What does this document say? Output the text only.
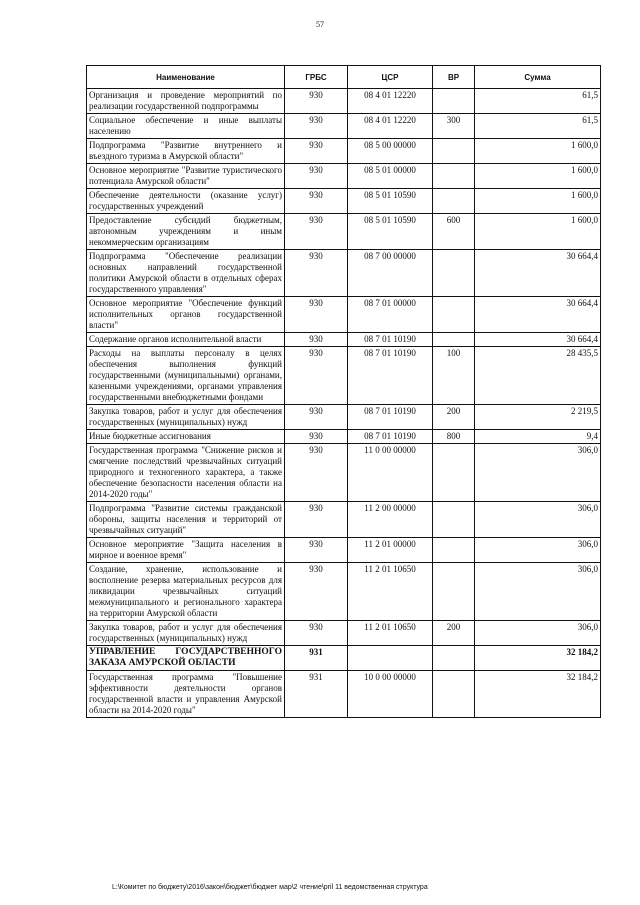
57
Наименование	ГРБС	ЦСР	ВР	Сумма
Организация и проведение мероприятий по реализации государственной подпрограммы	930	08 4 01 12220		61,5
Социальное обеспечение и иные выплаты населению	930	08 4 01 12220	300	61,5
Подпрограмма "Развитие внутреннего и въездного туризма в Амурской области"	930	08 5 00 00000		1 600,0
Основное мероприятие "Развитие туристического потенциала Амурской области"	930	08 5 01 00000		1 600,0
Обеспечение деятельности (оказание услуг) государственных учреждений	930	08 5 01 10590		1 600,0
Предоставление субсидий бюджетным, автономным учреждениям и иным некоммерческим организациям	930	08 5 01 10590	600	1 600,0
Подпрограмма "Обеспечение реализации основных направлений государственной политики Амурской области в отдельных сферах государственного управления"	930	08 7 00 00000		30 664,4
Основное мероприятие "Обеспечение функций исполнительных органов государственной власти"	930	08 7 01 00000		30 664,4
Содержание органов исполнительной власти	930	08 7 01 10190		30 664,4
Расходы на выплаты персоналу в целях обеспечения выполнения функций государственными (муниципальными) органами, казенными учреждениями, органами управления государственными внебюджетными фондами	930	08 7 01 10190	100	28 435,5
Закупка товаров, работ и услуг для обеспечения государственных (муниципальных) нужд	930	08 7 01 10190	200	2 219,5
Иные бюджетные ассигнования	930	08 7 01 10190	800	9,4
Государственная программа "Снижение рисков и смягчение последствий чрезвычайных ситуаций природного и техногенного характера, а также обеспечение безопасности населения области на 2014-2020 годы"	930	11 0 00 00000		306,0
Подпрограмма "Развитие системы гражданской обороны, защиты населения и территорий от чрезвычайных ситуаций"	930	11 2 00 00000		306,0
Основное мероприятие "Защита населения в мирное и военное время"	930	11 2 01 00000		306,0
Создание, хранение, использование и восполнение резерва материальных ресурсов для ликвидации чрезвычайных ситуаций межмуниципального и регионального характера на территории Амурской области	930	11 2 01 10650		306,0
Закупка товаров, работ и услуг для обеспечения государственных (муниципальных) нужд	930	11 2 01 10650	200	306,0
УПРАВЛЕНИЕ ГОСУДАРСТВЕННОГО ЗАКАЗА АМУРСКОЙ ОБЛАСТИ	931			32 184,2
Государственная программа "Повышение эффективности деятельности органов государственной власти и управления Амурской области на 2014-2020 годы"	931	10 0 00 00000		32 184,2
L:\Комитет по бюджету\2016\закон\бюджет\бюджет мар\2 чтение\pril 11 ведомственная структура
